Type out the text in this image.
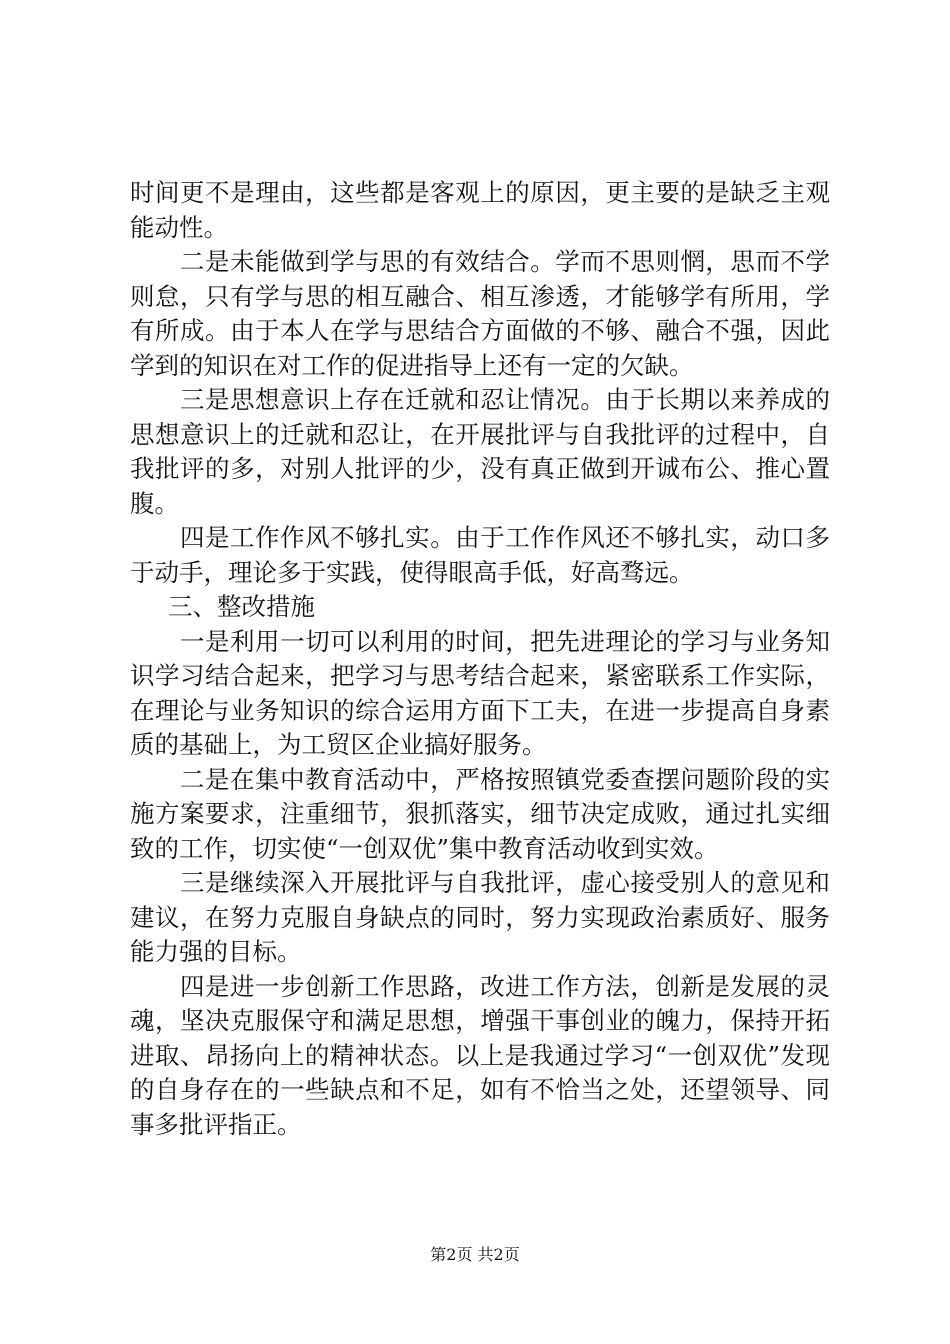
时间更不是理由，这些都是客观上的原因，更主要的是缺乏主观能动性。

二是未能做到学与思的有效结合。学而不思则惘，思而不学则怠，只有学与思的相互融合、相互渗透，才能够学有所用，学有所成。由于本人在学与思结合方面做的不够、融合不强，因此学到的知识在对工作的促进指导上还有一定的欠缺。

三是思想意识上存在迁就和忍让情况。由于长期以来养成的思想意识上的迁就和忍让，在开展批评与自我批评的过程中，自我批评的多，对别人批评的少，没有真正做到开诚布公、推心置腹。

四是工作作风不够扎实。由于工作作风还不够扎实，动口多于动手，理论多于实践，使得眼高手低，好高骛远。

三、整改措施

一是利用一切可以利用的时间，把先进理论的学习与业务知识学习结合起来，把学习与思考结合起来，紧密联系工作实际，在理论与业务知识的综合运用方面下工夫，在进一步提高自身素质的基础上，为工贸区企业搞好服务。

二是在集中教育活动中，严格按照镇党委查摆问题阶段的实施方案要求，注重细节，狠抓落实，细节决定成败，通过扎实细致的工作，切实使“一创双优”集中教育活动收到实效。

三是继续深入开展批评与自我批评，虚心接受别人的意见和建议，在努力克服自身缺点的同时，努力实现政治素质好、服务能力强的目标。

四是进一步创新工作思路，改进工作方法，创新是发展的灵魂，坚决克服保守和满足思想，增强干事创业的魄力，保持开拓进取、昂扬向上的精神状态。以上是我通过学习“一创双优”发现的自身存在的一些缺点和不足，如有不恰当之处，还望领导、同事多批评指正。

第2页 共2页
